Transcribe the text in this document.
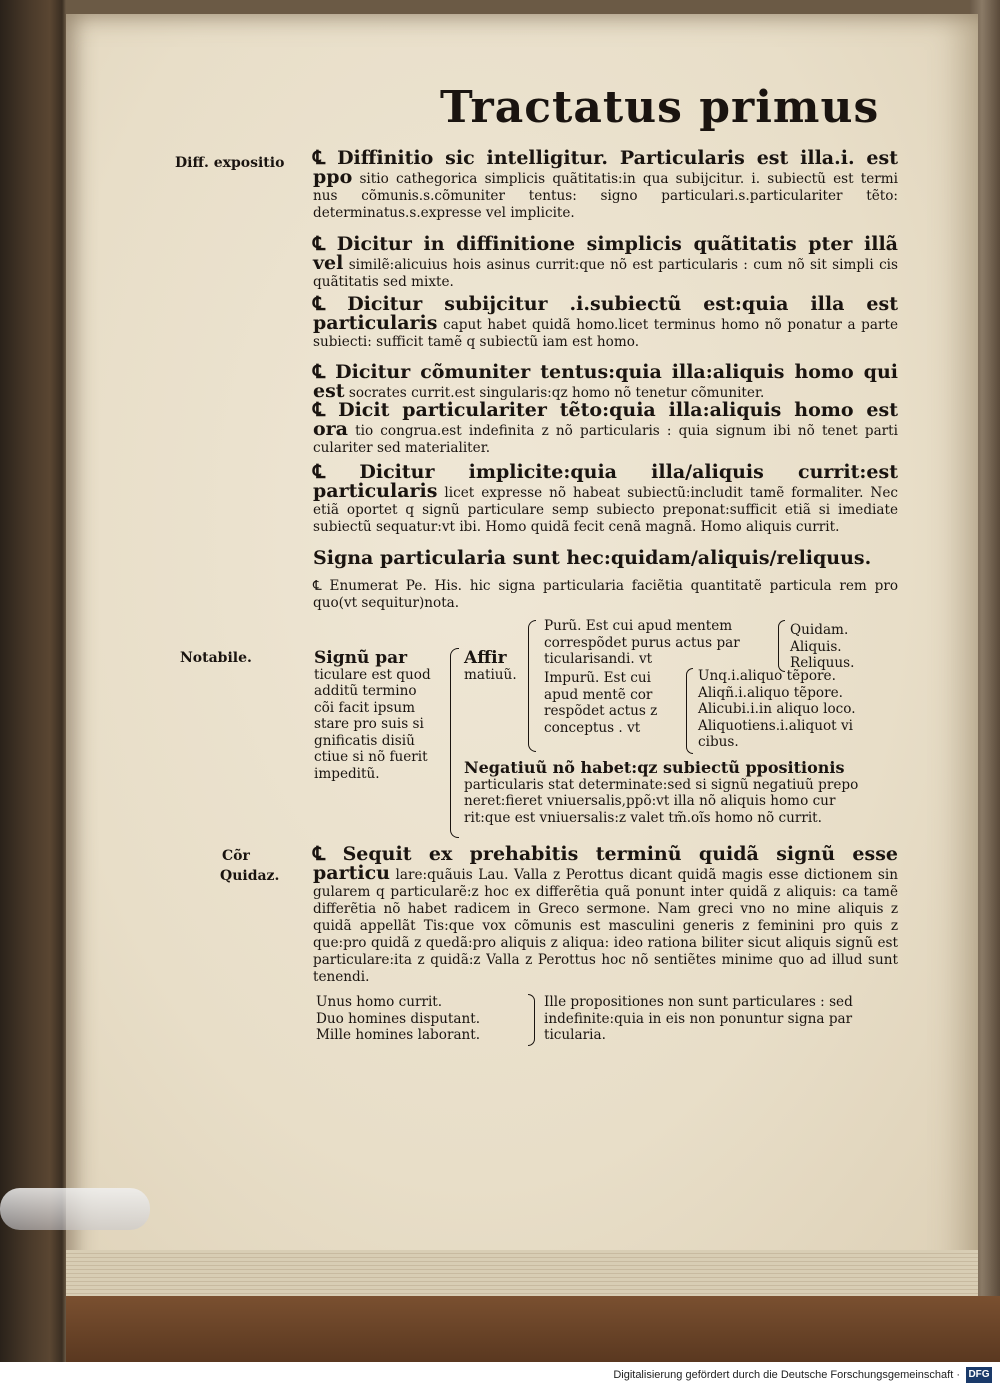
Tractatus primus
Diff. expositio
Notabile.
Cõr
Quidaz.
℄ Diffinitio sic intelligitur. Particularis est illa.i. est ppo sitio cathegorica simplicis quãtitatis:in qua subijcitur. i. subiectũ est termi nus cõmunis.s.cõmuniter tentus: signo particulari.s.particulariter tẽto: determinatus.s.expresse vel implicite.
℄ Dicitur in diffinitione simplicis quãtitatis pter illã vel similẽ:alicuius hois asinus currit:que nõ est particularis : cum nõ sit simpli cis quãtitatis sed mixte.
℄ Dicitur subijcitur .i.subiectũ est:quia illa est particularis caput habet quidã homo.licet terminus homo nõ ponatur a parte subiecti: sufficit tamẽ q subiectũ iam est homo.
℄ Dicitur cõmuniter tentus:quia illa:aliquis homo qui est socrates currit.est singularis:qz homo nõ tenetur cõmuniter.
℄ Dicit particulariter tẽto:quia illa:aliquis homo est ora tio congrua.est indefinita z nõ particularis : quia signum ibi nõ tenet parti culariter sed materialiter.
℄ Dicitur implicite:quia illa/aliquis currit:est particularis licet expresse nõ habeat subiectũ:includit tamẽ formaliter. Nec etiã oportet q signũ particulare semp subiecto preponat:sufficit etiã si imediate subiectũ sequatur:vt ibi. Homo quidã fecit cenã magnã. Homo aliquis currit.
Signa particularia sunt hec:quidam/aliquis/reliquus.
℄ Enumerat Pe. His. hic signa particularia faciẽtia quantitatẽ particula rem pro quo(vt sequitur)nota.
Signũ par
ticulare est quod
additũ termino
cõi facit ipsum
stare pro suis si
gnificatis disiũ
ctiue si nõ fuerit
impeditũ.
Affir
matiuũ.
Purũ. Est cui apud mentem
correspõdet purus actus par
ticularisandi. vt
Quidam.
Aliquis.
Reliquus.
Impurũ. Est cui
apud mentẽ cor
respõdet actus z
conceptus . vt
Unq.i.aliquo tẽpore.
Aliqñ.i.aliquo tẽpore.
Alicubi.i.in aliquo loco.
Aliquotiens.i.aliquot vi
cibus.
Negatiuũ nõ habet:qz subiectũ ppositionis
particularis stat determinate:sed si signũ negatiuũ prepo
neret:fieret vniuersalis,ppõ:vt illa nõ aliquis homo cur
rit:que est vniuersalis:z valet tm̃.oĩs homo nõ currit.
℄ Sequit ex prehabitis terminũ quidã signũ esse particu lare:quãuis Lau. Valla z Perottus dicant quidã magis esse dictionem sin gularem q particularẽ:z hoc ex differẽtia quã ponunt inter quidã z aliquis: ca tamẽ differẽtia nõ habet radicem in Greco sermone. Nam greci vno no mine aliquis z quidã appellãt Tis:que vox cõmunis est masculini generis z feminini pro quis z que:pro quidã z quedã:pro aliquis z aliqua: ideo rationa biliter sicut aliquis signũ est particulare:ita z quidã:z Valla z Perottus hoc nõ sentiẽtes minime quo ad illud sunt tenendi.
Unus homo currit.
Duo homines disputant.
Mille homines laborant.
Ille propositiones non sunt particulares : sed
indefinite:quia in eis non ponuntur signa par
ticularia.
Digitalisierung gefördert durch die Deutsche Forschungsgemeinschaft · DFG
